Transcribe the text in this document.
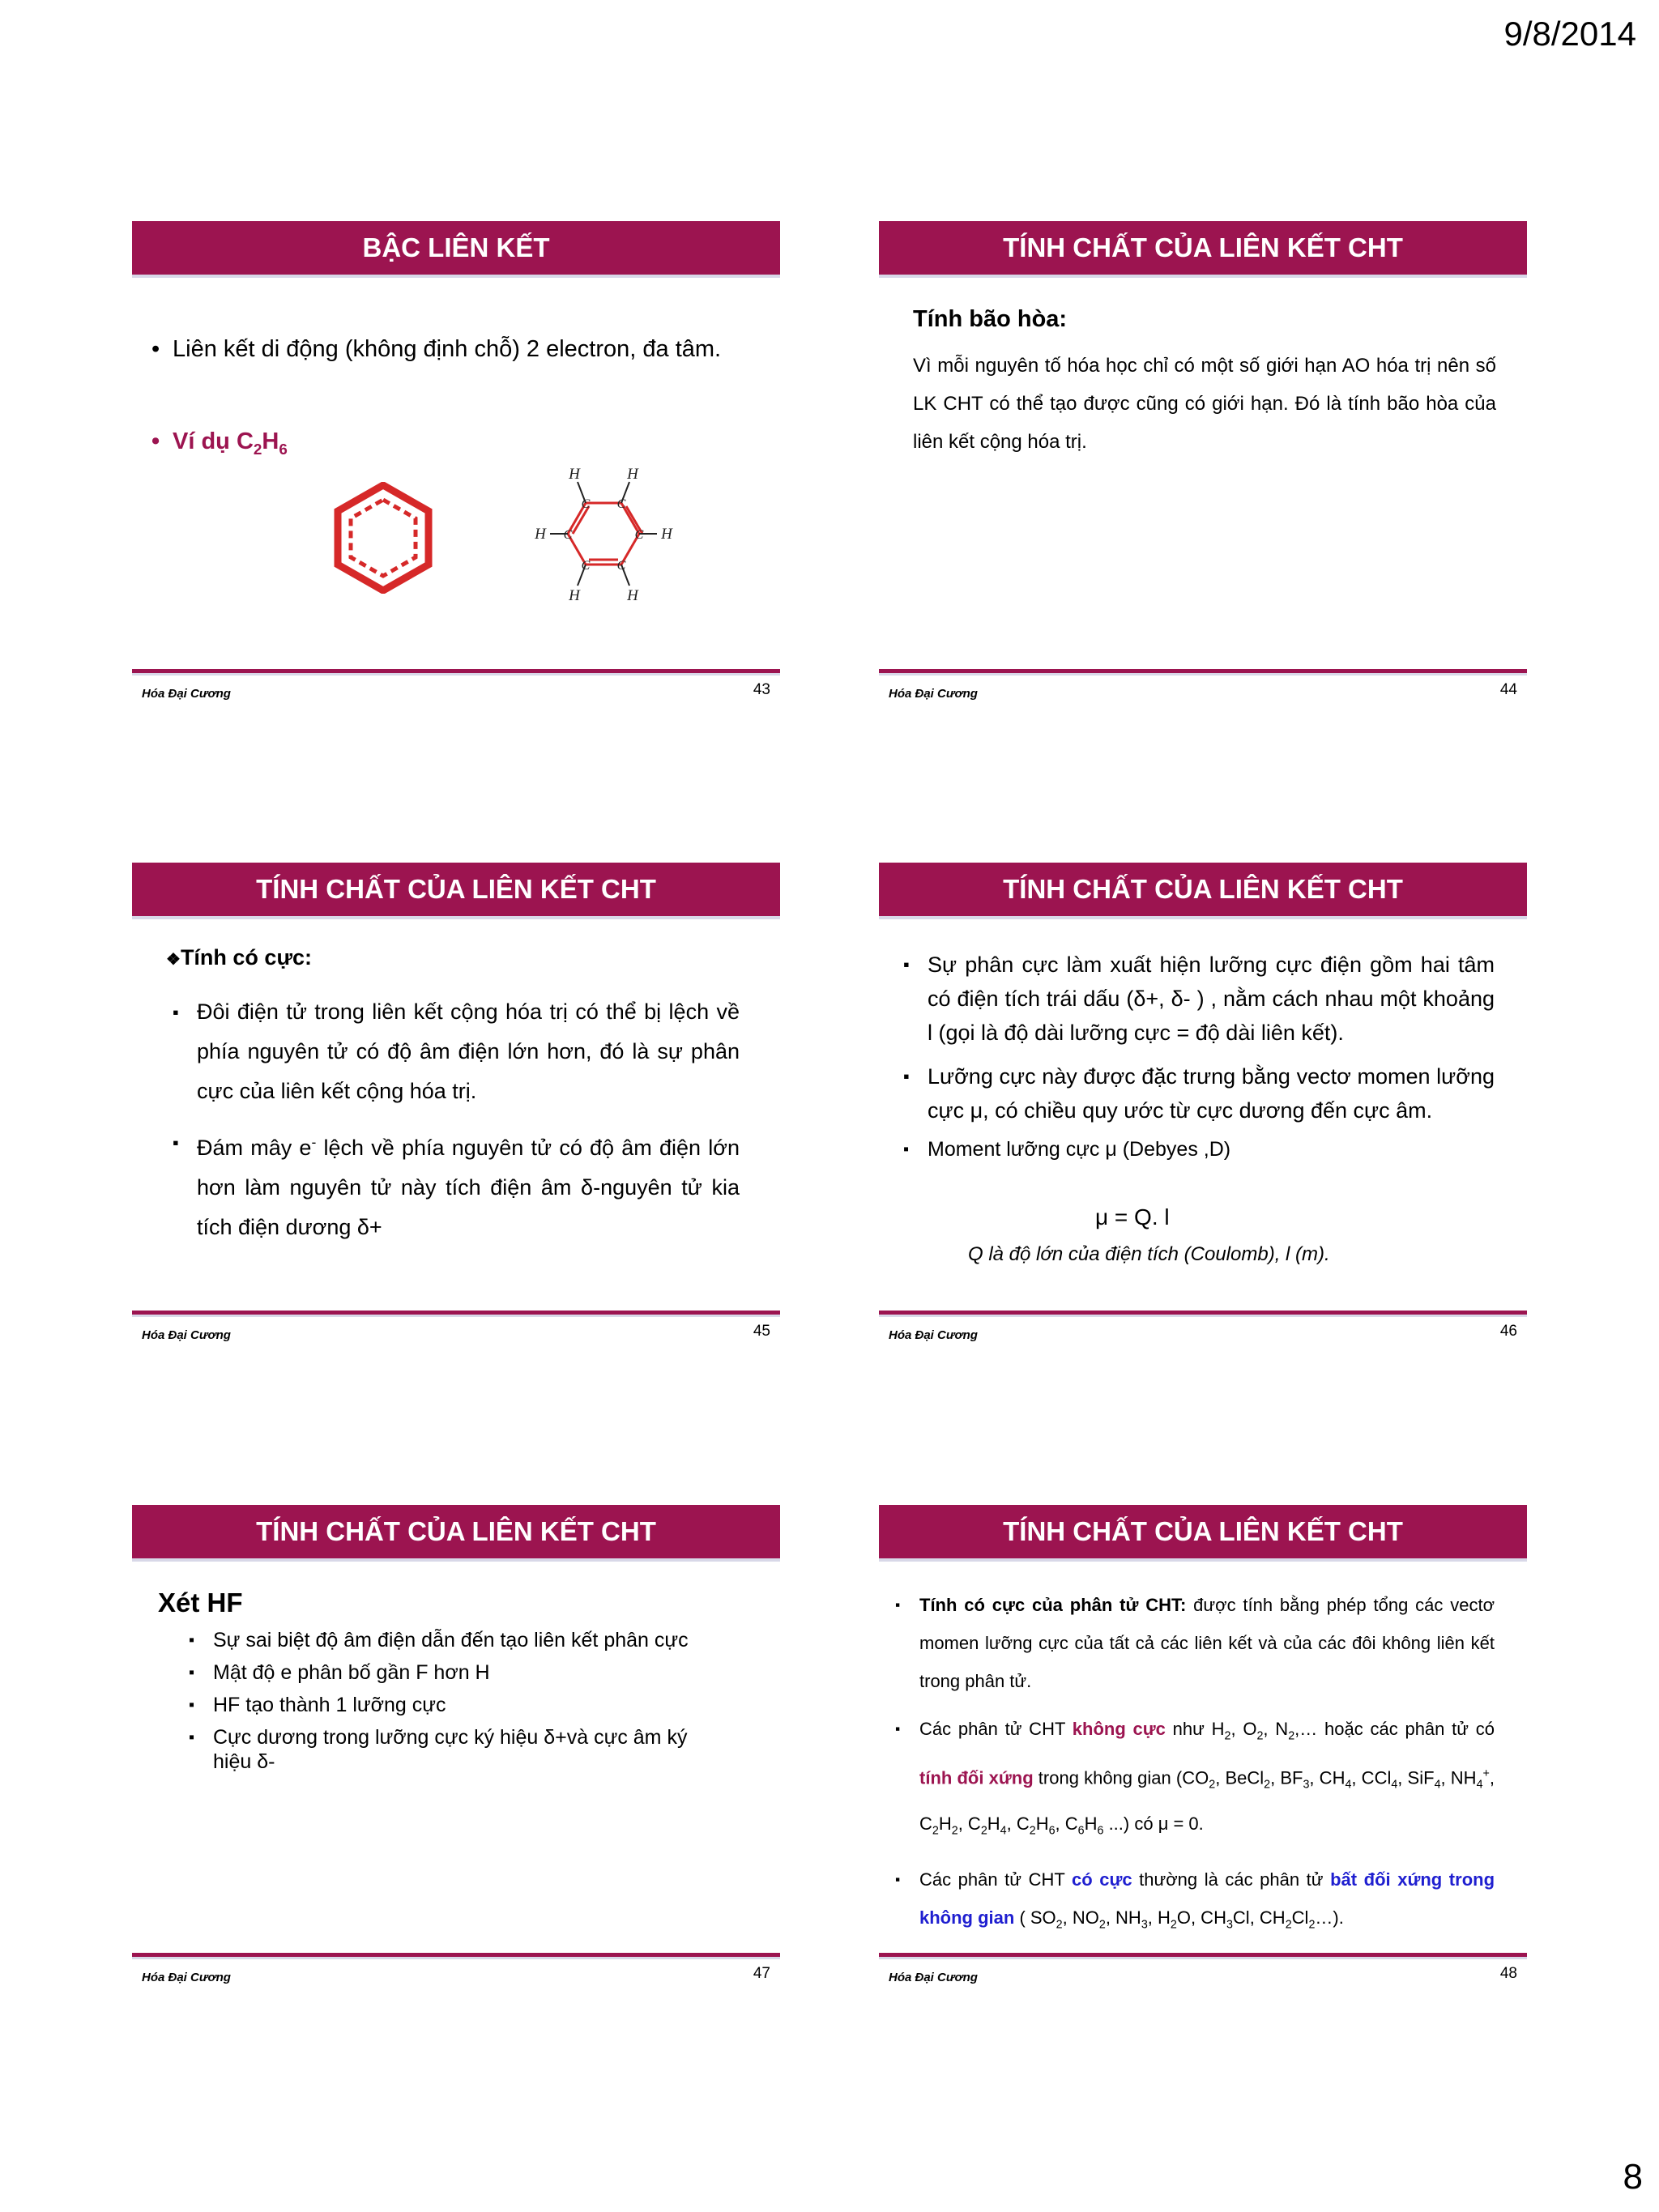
9/8/2014
BẬC LIÊN KẾT
• Liên kết di động (không định chỗ) 2 electron, đa tâm.
• Ví dụ $C_2H_6$
H	H
H	H
H	H
C C
C	C
C C
Hóa Đại Cương	43
TÍNH CHẤT CỦA LIÊN KẾT CHT
Tính bão hòa:
Vì mỗi nguyên tố hóa học chỉ có một số giới hạn AO hóa trị nên số LK CHT có thể tạo được cũng có giới hạn. Đó là tính bão hòa của liên kết cộng hóa trị.
Hóa Đại Cương	44
TÍNH CHẤT CỦA LIÊN KẾT CHT
❖Tính có cực:
▪ Đôi điện tử trong liên kết cộng hóa trị có thể bị lệch về phía nguyên tử có độ âm điện lớn hơn, đó là sự phân cực của liên kết cộng hóa trị.
▪ Đám mây e- lệch về phía nguyên tử có độ âm điện lớn hơn làm nguyên tử này tích điện âm δ-nguyên tử kia tích điện dương δ+
Hóa Đại Cương	45
TÍNH CHẤT CỦA LIÊN KẾT CHT
▪ Sự phân cực làm xuất hiện lưỡng cực điện gồm hai tâm có điện tích trái dấu (δ+, δ- ) , nằm cách nhau một khoảng l (gọi là độ dài lưỡng cực = độ dài liên kết).
▪ Lưỡng cực này được đặc trưng bằng vectơ momen lưỡng cực μ, có chiều quy ước từ cực dương đến cực âm.
▪ Moment lưỡng cực μ (Debyes ,D)
μ = Q. l
Q là độ lớn của điện tích (Coulomb), l (m).
Hóa Đại Cương	46
TÍNH CHẤT CỦA LIÊN KẾT CHT
Xét HF
▪ Sự sai biệt độ âm điện dẫn đến tạo liên kết phân cực
▪ Mật độ e phân bố gần F hơn H
▪ HF tạo thành 1 lưỡng cực
▪ Cực dương trong lưỡng cực ký hiệu δ+và cực âm ký hiệu δ-
Hóa Đại Cương	47
TÍNH CHẤT CỦA LIÊN KẾT CHT
▪ Tính có cực của phân tử CHT: được tính bằng phép tổng các vectơ momen lưỡng cực của tất cả các liên kết và của các đôi không liên kết trong phân tử.
▪ Các phân tử CHT không cực như $H_2$, $O_2$, $N_2,\dots$ hoặc các phân tử có tính đối xứng trong không gian ($CO_2$, BeCl$_2$, $BF_3$, $CH_4$, CCl$_4$, SiF$_4$, $NH_4^+$, $C_2H_2$, $C_2H_4$, $C_2H_6$, $C_6H_6$ ...) có μ = 0.
▪ Các phân tử CHT có cực thường là các phân tử bất đối xứng trong không gian ( $SO_2$, $NO_2$, $NH_3$, $H_2O$, $CH_3Cl$, $CH_2Cl_2\dots$).
Hóa Đại Cương	48
8
